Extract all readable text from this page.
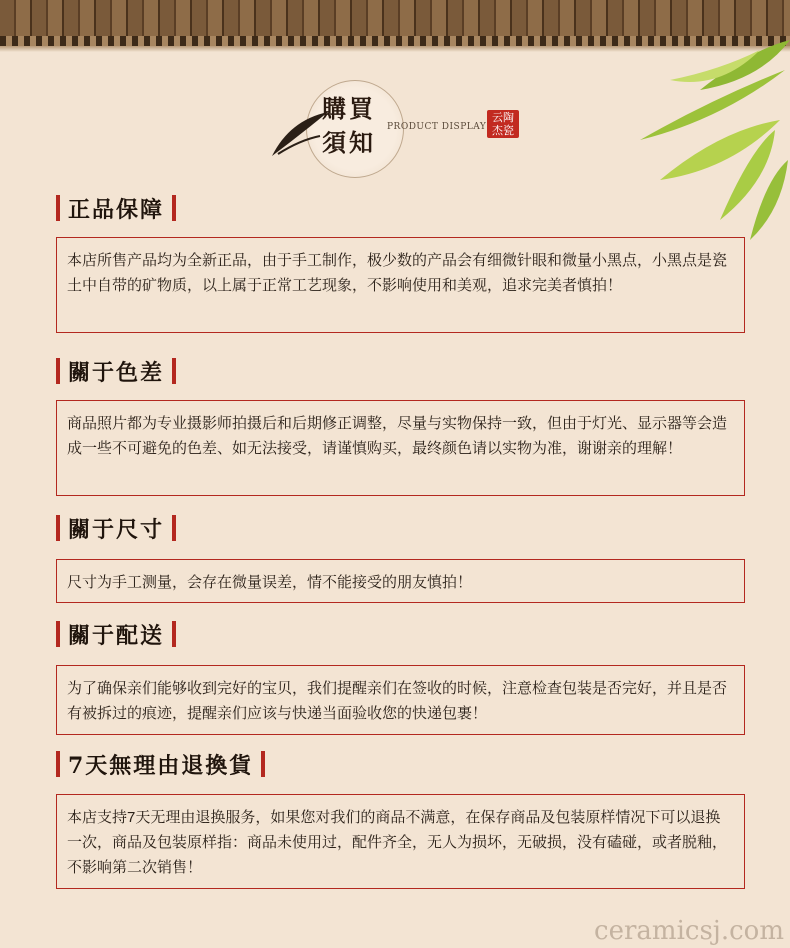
購買
須知
PRODUCT DISPLAY
云陶
杰瓷
正品保障
本店所售产品均为全新正品，由于手工制作，极少数的产品会有细微针眼和微量小黑点，小黑点是瓷土中自带的矿物质，以上属于正常工艺现象，不影响使用和美观，追求完美者慎拍！
關于色差
商品照片都为专业摄影师拍摄后和后期修正调整，尽量与实物保持一致，但由于灯光、显示器等会造成一些不可避免的色差、如无法接受，请谨慎购买，最终颜色请以实物为准，谢谢亲的理解！
關于尺寸
尺寸为手工测量，会存在微量误差，情不能接受的朋友慎拍！
關于配送
为了确保亲们能够收到完好的宝贝，我们提醒亲们在签收的时候，注意检查包装是否完好，并且是否有被拆过的痕迹，提醒亲们应该与快递当面验收您的快递包裹！
7天無理由退換貨
本店支持7天无理由退换服务，如果您对我们的商品不满意，在保存商品及包装原样情况下可以退换一次，商品及包装原样指：商品未使用过，配件齐全，无人为损坏，无破损，没有磕碰，或者脱釉，不影响第二次销售！
ceramicsj.com
